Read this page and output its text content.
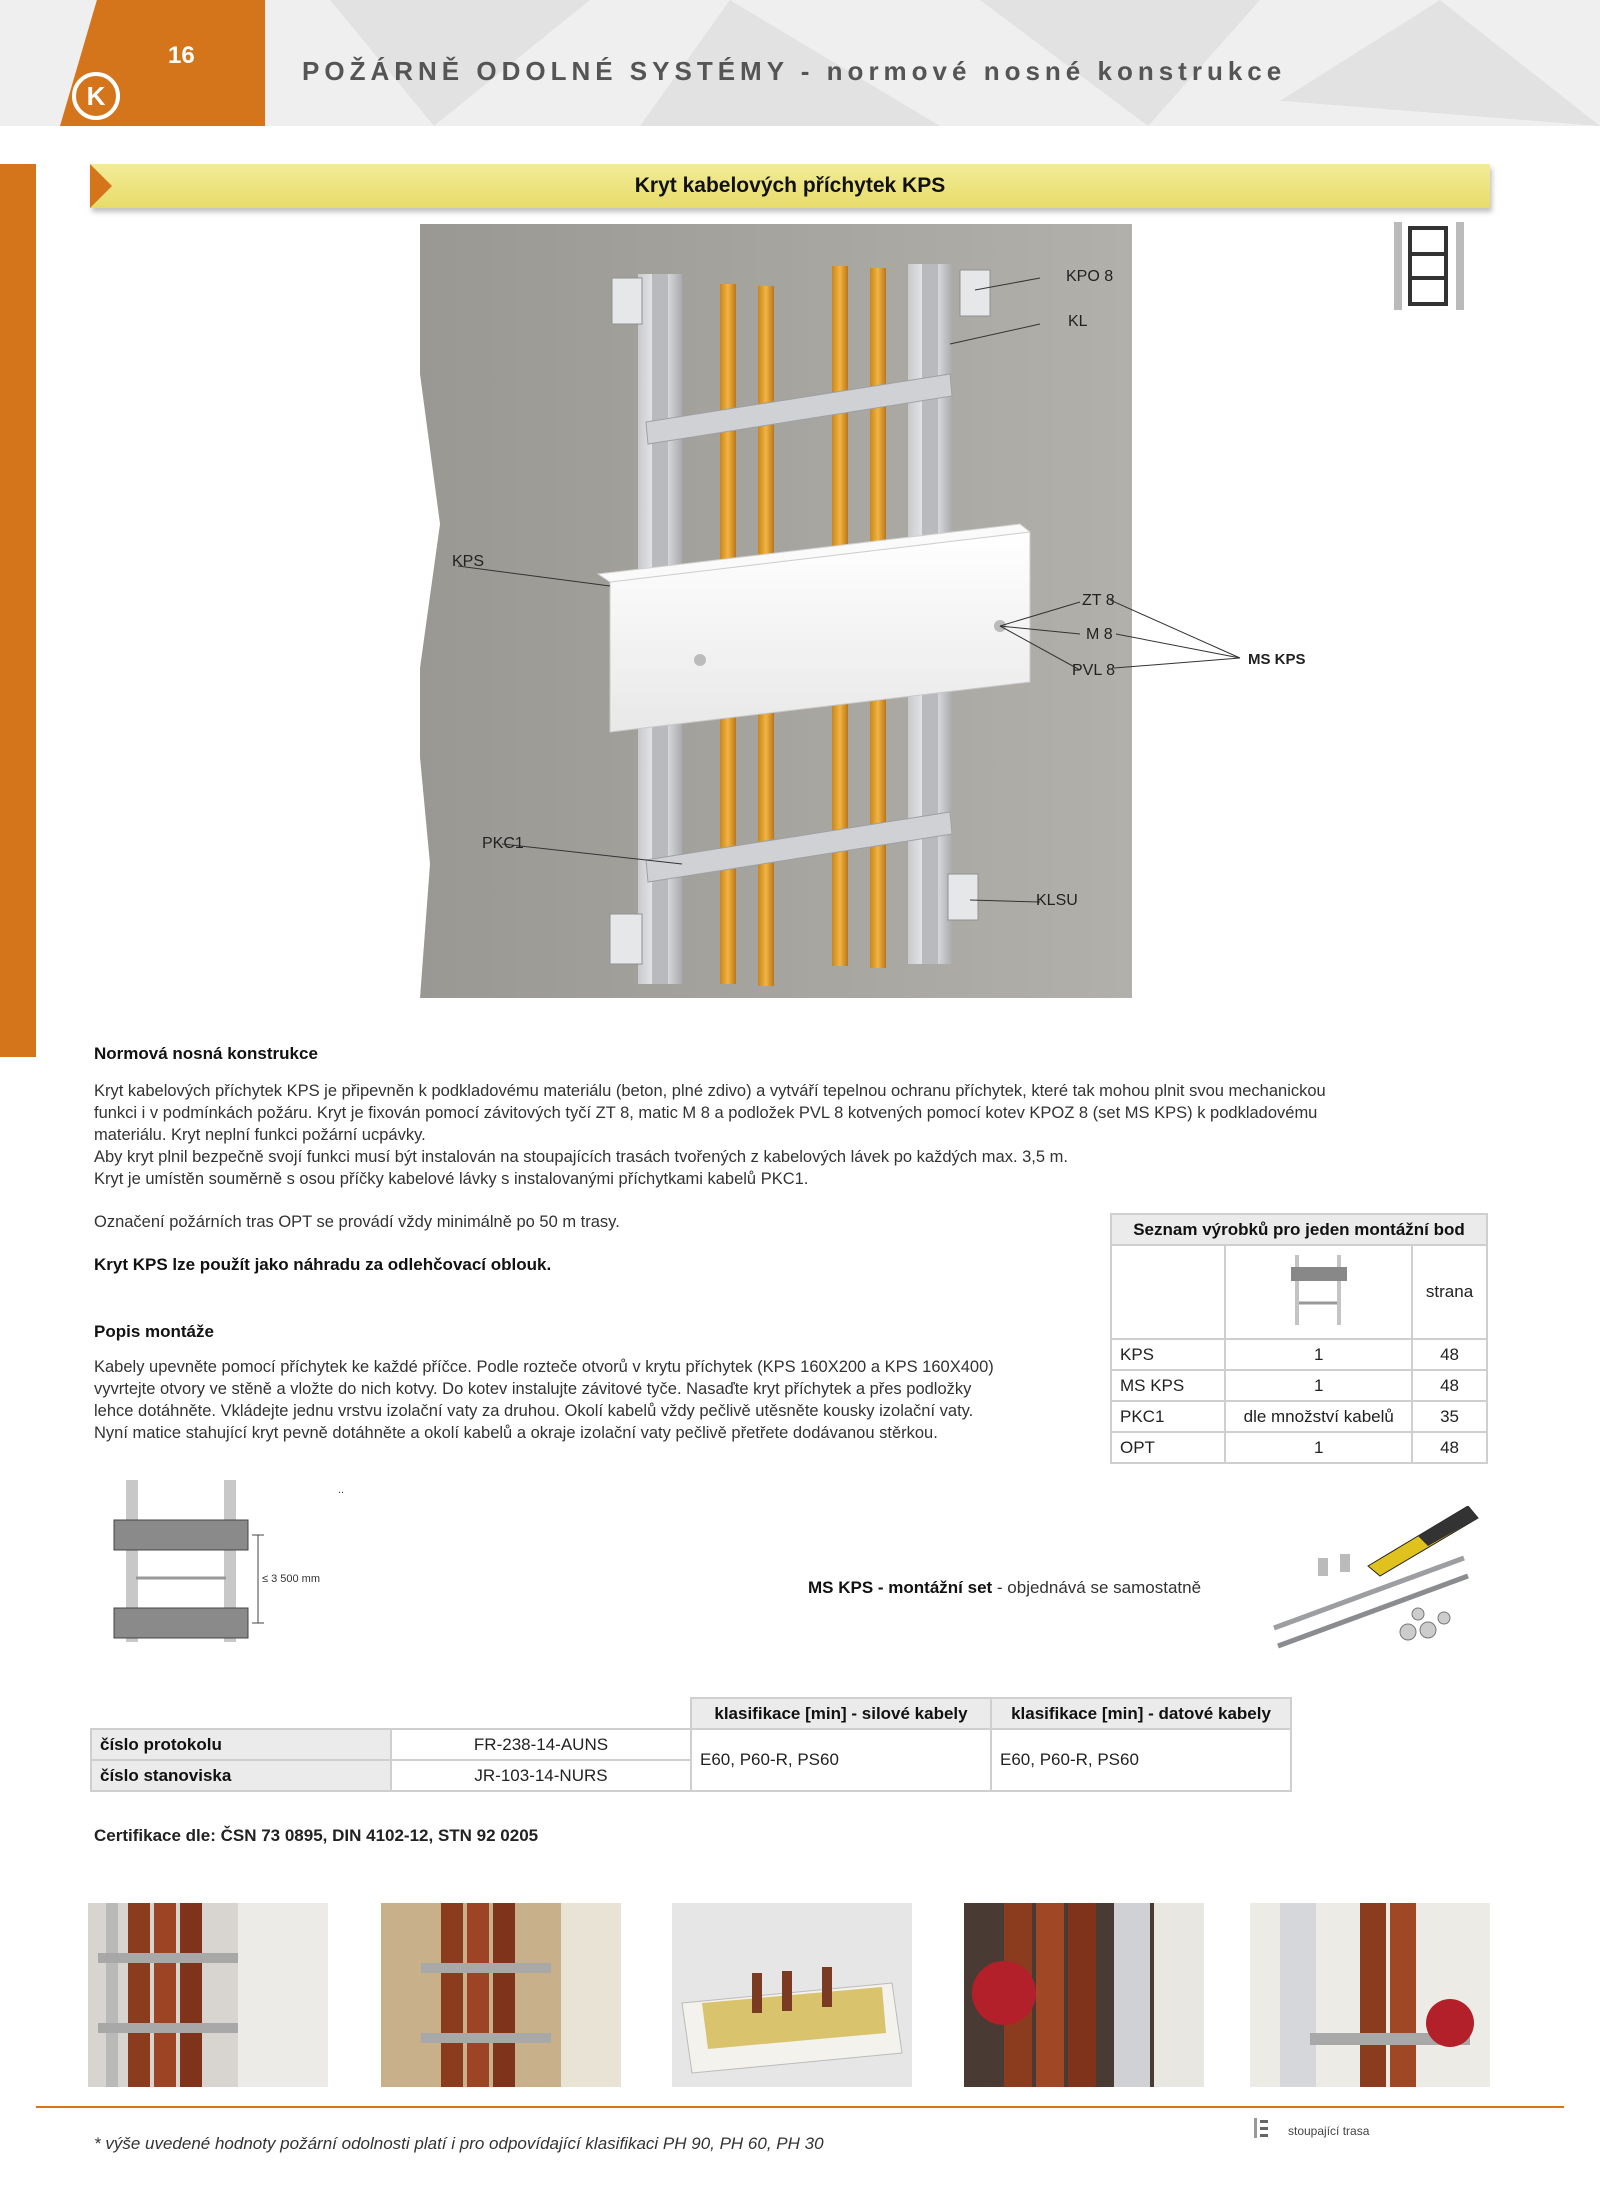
16
K
POŽÁRNĚ ODOLNÉ SYSTÉMY - normové nosné konstrukce
Kryt kabelových příchytek KPS
KPO 8
KL
KPS
ZT 8
M 8
PVL 8
MS KPS
PKC1
KLSU
Normová nosná konstrukce
Kryt kabelových příchytek KPS je připevněn k podkladovému materiálu (beton, plné zdivo) a vytváří tepelnou ochranu příchytek, které tak mohou plnit svou mechanickou
funkci i v podmínkách požáru. Kryt je fixován pomocí závitových tyčí ZT 8, matic M 8 a podložek PVL 8 kotvených pomocí kotev KPOZ 8 (set MS KPS) k podkladovému
materiálu. Kryt neplní funkci požární ucpávky.
Aby kryt plnil bezpečně svojí funkci musí být instalován na stoupajících trasách tvořených z kabelových lávek po každých max. 3,5 m.
Kryt je umístěn souměrně s osou příčky kabelové lávky s instalovanými příchytkami kabelů PKC1.
Označení požárních tras OPT se provádí vždy minimálně po 50 m trasy.
Kryt KPS lze použít jako náhradu za odlehčovací oblouk.
Popis montáže
Kabely upevněte pomocí příchytek ke každé příčce. Podle rozteče otvorů v krytu příchytek (KPS 160X200 a KPS 160X400)
vyvrtejte otvory ve stěně a vložte do nich kotvy. Do kotev instalujte závitové tyče. Nasaďte kryt příchytek a přes podložky
lehce dotáhněte. Vkládejte jednu vrstvu izolační vaty za druhou. Okolí kabelů vždy pečlivě utěsněte kousky izolační vaty.
Nyní matice stahující kryt pevně dotáhněte a okolí kabelů a okraje izolační vaty pečlivě přetřete dodávanou stěrkou.
Seznam výrobků pro jeden montážní bod		
		strana
KPS	1	48
MS KPS	1	48
PKC1	dle množství kabelů	35
OPT	1	48
≤ 3 500 mm
..
MS KPS - montážní set - objednává se samostatně
		klasifikace [min] - silové kabely	klasifikace [min] - datové kabely
číslo protokolu	FR-238-14-AUNS	E60, P60-R, PS60	E60, P60-R, PS60
číslo stanoviska	JR-103-14-NURS		
Certifikace dle: ČSN 73 0895, DIN 4102-12, STN 92 0205
* výše uvedené hodnoty požární odolnosti platí i pro odpovídající klasifikaci PH 90, PH 60, PH 30
stoupající trasa
